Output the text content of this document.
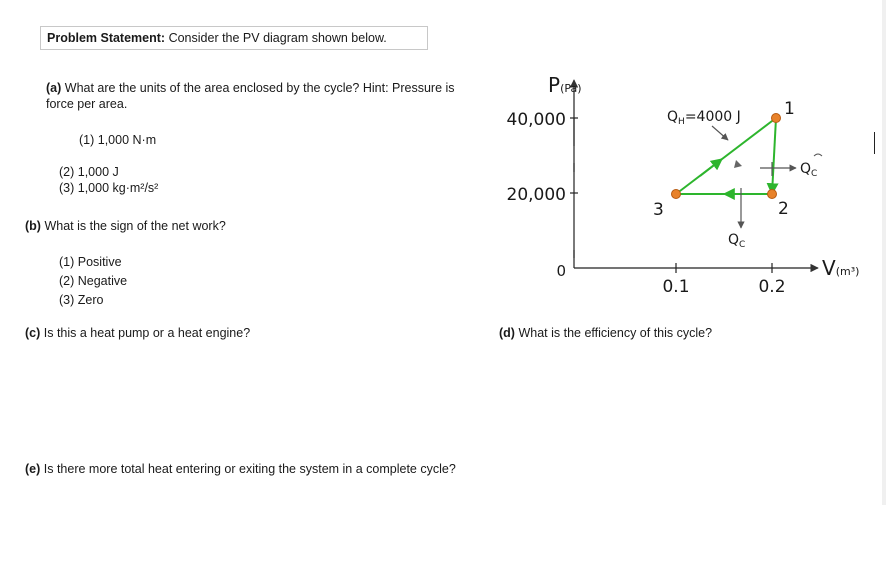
Problem Statement: Consider the PV diagram shown below.
(a) What are the units of the area enclosed by the cycle? Hint: Pressure is
force per area.
(1) 1,000 N·m
(2) 1,000 J
(3) 1,000 kg·m²/s²
(b) What is the sign of the net work?
(1) Positive
(2) Negative
(3) Zero
(c) Is this a heat pump or a heat engine?	(d) What is the efficiency of this cycle?
(e) Is there more total heat entering or exiting the system in a complete cycle?
P(Pa)
V(m³)
40,000
20,000
0
0.1	0.2
1
2
3
$Q_H=4000$ J
$Q_C$
$Q_C$
